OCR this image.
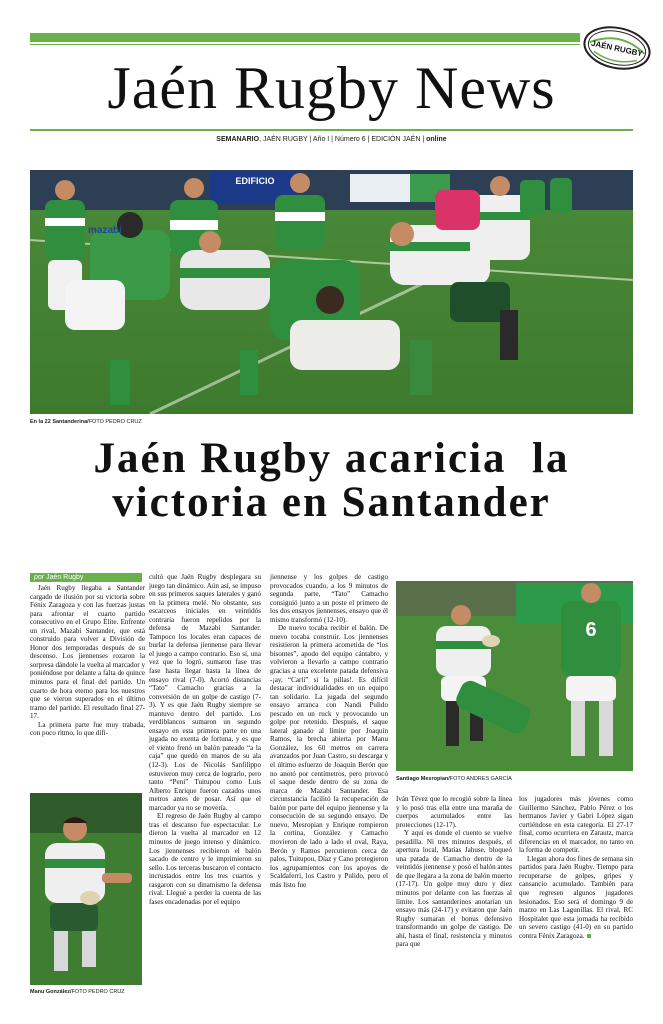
Jaén Rugby News
JAÉN RUGBY
SEMANARIO, JAÉN RUGBY | Año I | Número 6 | EDICIÓN JAÉN | online
EDIFICIO
mazabi
En la 22 Santanderina/FOTO PEDRO CRUZ
Jaén Rugby acaricia  la
victoria en Santander
por Jaén Rugby

Jaén Rugby llegaba a Santander cargado de ilusión por su victoria sobre Fénix Zaragoza y con las fuerzas justas para afrontar el cuarto partido consecutivo en el Grupo Élite. Enfrente un rival, Mazabi Santander, que está construido para volver a División de Honor dos temporadas después de su descenso. Los jiennenses rozaron la sorpresa dándole la vuelta al marcador y poniéndose por delante a falta de quince minutos para el final del partido. Un cuarto de hora eterno para los nuestros que se vieron superados en el último tramo del partido. El resultado final 27-17.

La primera parte fue muy trabada, con poco ritmo, lo que difi-

Manu González/FOTO PEDRO CRUZ

cultó que Jaén Rugby desplegara su juego tan dinámico. Aún así, se impuso en sus primeros saques laterales y ganó en la primera melé. No obstante, sus escarceos iniciales en veintidós contraria fueron repelidos por la defensa de Mazabi Santander. Tampoco los locales eran capaces de burlar la defensa jiennense para llevar el juego a campo contrario. Eso sí, una vez que lo logró, sumaron fase tras fase hasta llegar hasta la línea de ensayo rival (7-0). Acortó distancias “Tato” Camacho gracias a la conversión de un golpe de castigo (7-3). Y es que Jaén Rugby siempre se mantuvo dentro del partido. Los verdiblancos sumaron un segundo ensayo en esta primera parte en una jugada no exenta de fortuna, y es que el viento frenó un balón pateado “a la caja” que quedó en manos de su ala (12-3). Los de Nicolás Sanfilippo estuvieron muy cerca de lograrlo, pero tanto “Peni” Tuitupou como Luis Alberto Enrique fueron cazados unos metros antes de posar. Así que el marcador ya no se movería.

El regreso de Jaén Rugby al campo tras el descanso fue espectacular. Le dieron la vuelta al marcador en 12 minutos de juego intenso y dinámico. Los jiennenses recibieron el balón sacado de centro y le imprimieron su sello. Los terceras buscaron el contacto incrustados entre los tres cuartos y rasgaron con su dinamismo la defensa rival. Llegué a perder la cuenta de las fases encadenadas por el equipo

jiennense y los golpes de castigo provocados cuando, a los 9 minutos de segunda parte, “Tato” Camacho consiguió junto a un poste el primero de los dos ensayos jiennenses, ensayo que él mismo transformó (12-10).

De nuevo tocaba recibir el balón. De nuevo tocaba construir. Los jiennenses resistieron la primera acometida de “los bisontes”, apodo del equipo cántabro, y volvieron a llevarlo a campo contrario gracias a una excelente patada defensiva -¡ay, “Carli” si la pillas!. Es difícil destacar individualidades en un equipo tan solidario. La jugada del segundo ensayo arranca con Nandi Pulido pescado en un ruck y provocando un golpe por retenido. Después, el saque lateral ganado al límite por Joaquín Ramos, la brecha abierta por Manu González, los 60 metros en carrera avanzados por Juan Castro, su descarga y el último esfuerzo de Joaquín Berón que no anotó por centímetros, pero provocó el saque desde dentro de su zona de marca de Mazabi Santander. Esa circunstancia facilitó la recuperación de balón por parte del equipo jiennense y la consecución de su segundo ensayo. De nuevo, Mesropian y Enrique rompieron la cortina, González y Camacho movieron de lado a lado el oval, Raya, Berón y Ramos percutieron cerca de palos, Tuitupou, Díaz y Cano protegieron los agrupamientos con los apoyos de Scaldaferri, los Castro y Pulido, pero el más listo fue

6
Santiago Mesropian/FOTO ANDRES GARCÍA

Iván Tévez que lo recogió sobre la línea y lo posó tras ella entre una maraña de cuerpos acumulados entre las protecciones (12-17).

Y aquí es donde el cuento se vuelve pesadilla. Ni tres minutos después, el apertura local, Matías Jahuse, bloqueó una patada de Camacho dentro de la veintidós jiennense y posó el balón antes de que llegara a la zona de balón muerto (17-17). Un golpe muy duro y diez minutos por delante con las fuerzas al límite. Los santanderinos anotarían un ensayo más (24-17) y evitaron que Jaén Rugby sumaran el bonus defensivo transformando un golpe de castigo. De ahí, hasta el final, resistencia y minutos para que

los jugadores más jóvenes como Guillermo Sánchez, Pablo Pérez o los hermanos Javier y Gabri López sigan curtiéndose en esta categoría. El 27-17 final, como ocurriera en Zarautz, marca diferencias en el marcador, no tanto en la forma de competir.

Llegan ahora dos fines de semana sin partidos para Jaén Rugby. Tiempo para recuperarse de golpes, gripes y cansancio acumulado. También para que regresen algunos jugadores lesionados. Eso será el domingo 9 de marzo en Las Lagunillas. El rival, RC Hospitalet que esta jornada ha recibido un severo castigo (41-0) en su partido contra Fénix Zaragoza.
